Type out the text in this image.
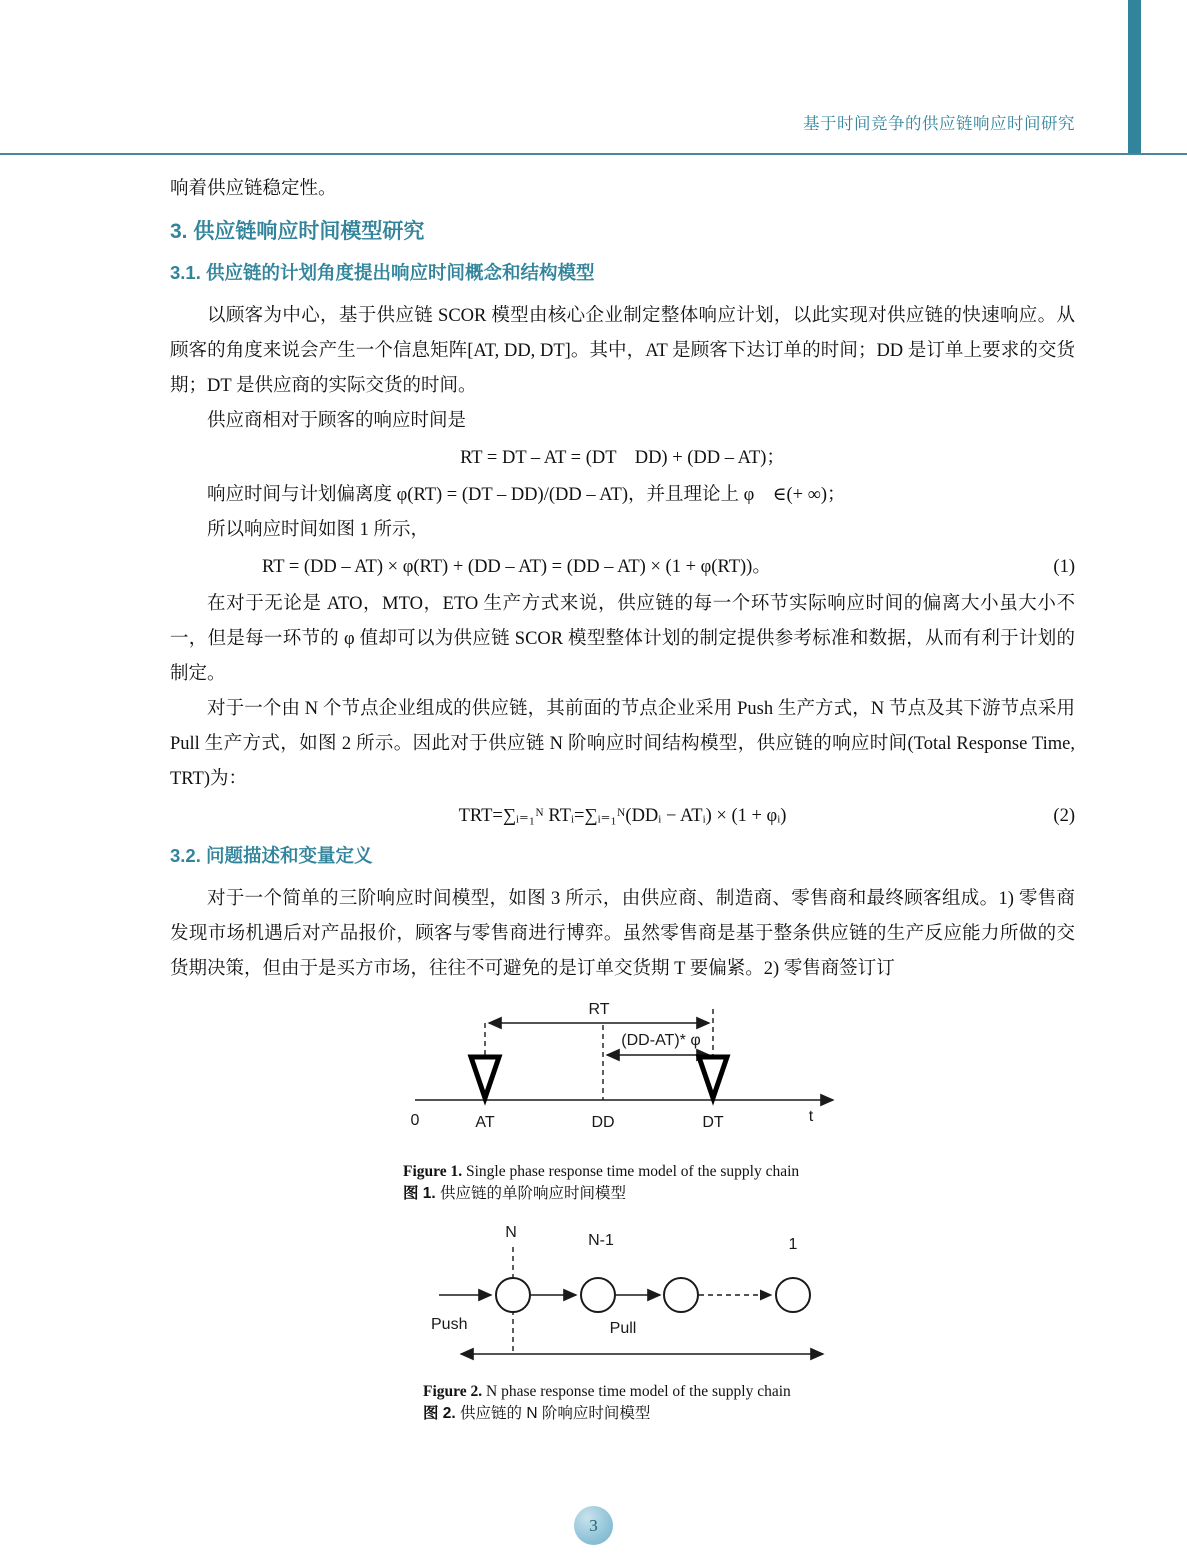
基于时间竞争的供应链响应时间研究

响着供应链稳定性。

3. 供应链响应时间模型研究
3.1. 供应链的计划角度提出响应时间概念和结构模型

以顾客为中心，基于供应链 SCOR 模型由核心企业制定整体响应计划，以此实现对供应链的快速响应。从顾客的角度来说会产生一个信息矩阵[AT, DD, DT]。其中，AT 是顾客下达订单的时间；DD 是订单上要求的交货期；DT 是供应商的实际交货的时间。

供应商相对于顾客的响应时间是

RT = DT – AT = (DT　DD) + (DD – AT)；

响应时间与计划偏离度 φ(RT) = (DT – DD)/(DD – AT)，并且理论上 φ　∈(+ ∞)；

所以响应时间如图 1 所示，

RT = (DD – AT) × φ(RT) + (DD – AT) = (DD – AT) × (1 + φ(RT))。	(1)

在对于无论是 ATO，MTO，ETO 生产方式来说，供应链的每一个环节实际响应时间的偏离大小虽大小不一，但是每一环节的 φ 值却可以为供应链 SCOR 模型整体计划的制定提供参考标准和数据，从而有利于计划的制定。

对于一个由 N 个节点企业组成的供应链，其前面的节点企业采用 Push 生产方式，N 节点及其下游节点采用 Pull 生产方式，如图 2 所示。因此对于供应链 N 阶响应时间结构模型，供应链的响应时间(Total Response Time, TRT)为：

TRT=∑ᵢ₌₁ᴺ RTᵢ=∑ᵢ₌₁ᴺ(DDᵢ − ATᵢ) × (1 + φᵢ)	(2)
3.2. 问题描述和变量定义

对于一个简单的三阶响应时间模型，如图 3 所示，由供应商、制造商、零售商和最终顾客组成。1) 零售商发现市场机遇后对产品报价，顾客与零售商进行博弈。虽然零售商是基于整条供应链的生产反应能力所做的交货期决策，但由于是买方市场，往往不可避免的是订单交货期 T 要偏紧。2) 零售商签订订

RT
(DD-AT)* φ
0	AT	DD	DT	t

Figure 1. Single phase response time model of the supply chain

图 1. 供应链的单阶响应时间模型

N	N-1	1
Push	Pull

Figure 2. N phase response time model of the supply chain

图 2. 供应链的 N 阶响应时间模型

3
